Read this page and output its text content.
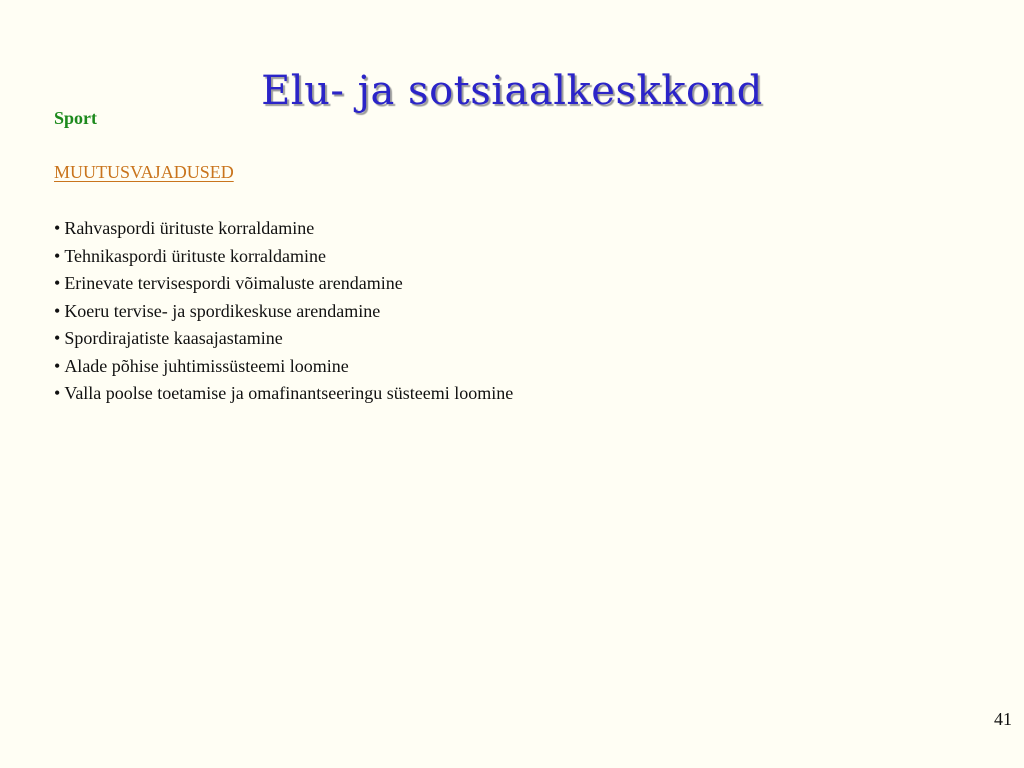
Elu- ja sotsiaalkeskkond
Sport
MUUTUSVAJADUSED
• Rahvaspordi ürituste korraldamine
• Tehnikaspordi ürituste korraldamine
• Erinevate tervisespordi võimaluste arendamine
• Koeru tervise- ja spordikeskuse arendamine
• Spordirajatiste kaasajastamine
• Alade põhise juhtimissüsteemi loomine
• Valla poolse toetamise ja omafinantseeringu süsteemi loomine
41
